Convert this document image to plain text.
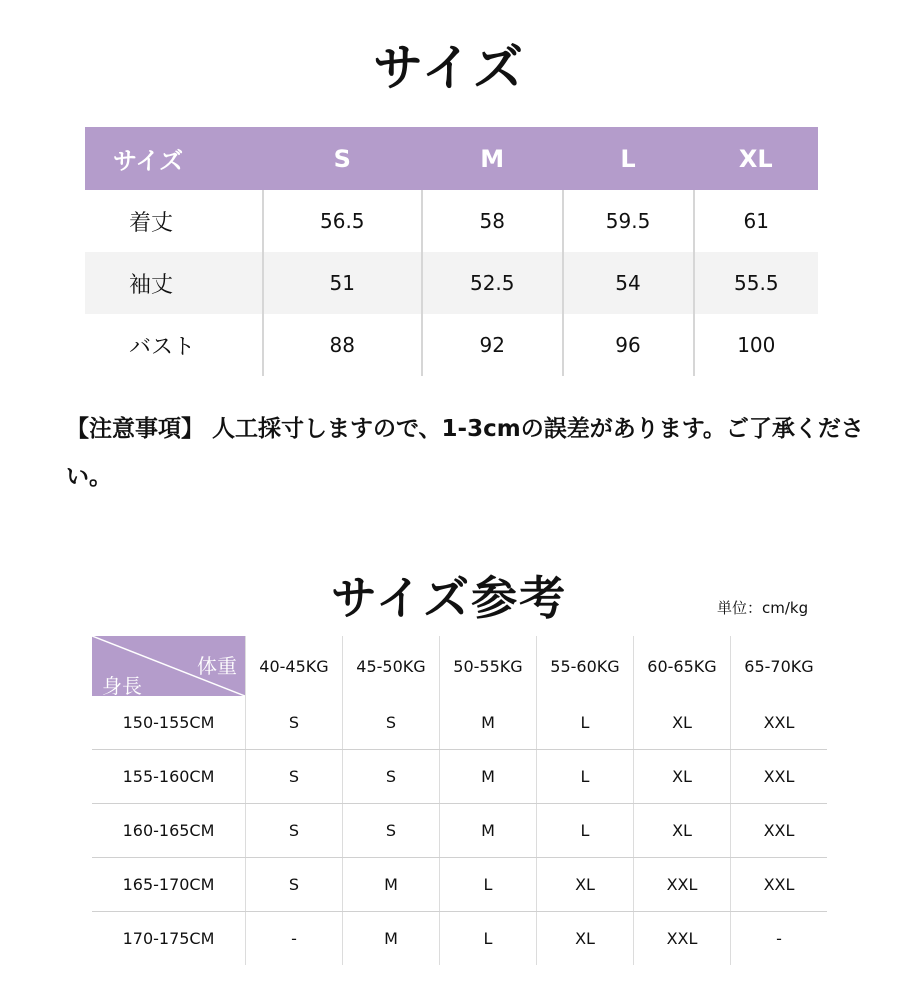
サイズ
サイズ	S	M	L	XL
着丈	56.5	58	59.5	61
袖丈	51	52.5	54	55.5
バスト	88	92	96	100
【注意事項】 人工採寸しますので、1-3cmの誤差があります。ご了承ください。
サイズ参考	単位：cm/kg
体重
身長	40-45KG	45-50KG	50-55KG	55-60KG	60-65KG	65-70KG
150-155CM	S	S	M	L	XL	XXL
155-160CM	S	S	M	L	XL	XXL
160-165CM	S	S	M	L	XL	XXL
165-170CM	S	M	L	XL	XXL	XXL
170-175CM	-	M	L	XL	XXL	-
